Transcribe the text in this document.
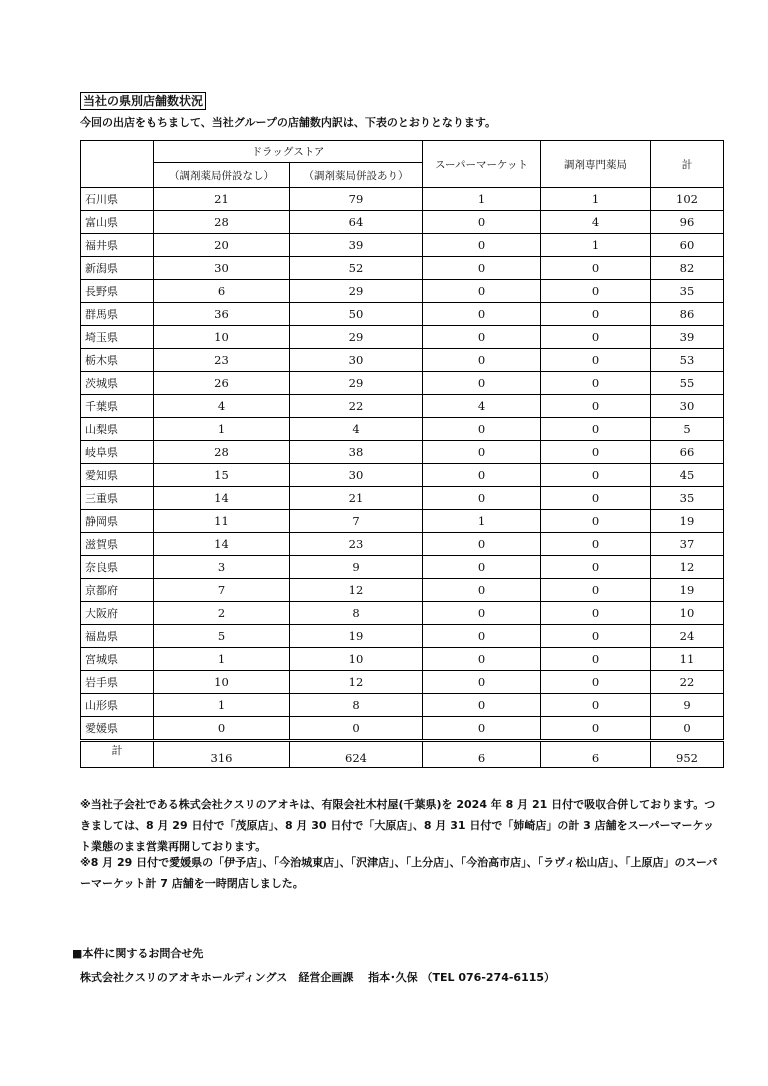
当社の県別店舗数状況
今回の出店をもちまして、当社グループの店舗数内訳は、下表のとおりとなります。
	ドラッグストア		スーパーマーケット	調剤専門薬局	計
	（調剤薬局併設なし）	（調剤薬局併設あり）			
石川県	21	79	1	1	102
富山県	28	64	0	4	96
福井県	20	39	0	1	60
新潟県	30	52	0	0	82
長野県	6	29	0	0	35
群馬県	36	50	0	0	86
埼玉県	10	29	0	0	39
栃木県	23	30	0	0	53
茨城県	26	29	0	0	55
千葉県	4	22	4	0	30
山梨県	1	4	0	0	5
岐阜県	28	38	0	0	66
愛知県	15	30	0	0	45
三重県	14	21	0	0	35
静岡県	11	7	1	0	19
滋賀県	14	23	0	0	37
奈良県	3	9	0	0	12
京都府	7	12	0	0	19
大阪府	2	8	0	0	10
福島県	5	19	0	0	24
宮城県	1	10	0	0	11
岩手県	10	12	0	0	22
山形県	1	8	0	0	9
愛媛県	0	0	0	0	0
計	316	624	6	6	952
※当社子会社である株式会社クスリのアオキは、有限会社木村屋(千葉県)を 2024 年 8 月 21 日付で吸収合併しております。つきましては、8 月 29 日付で「茂原店」、8 月 30 日付で「大原店」、8 月 31 日付で「姉崎店」の計 3 店舗をスーパーマーケット業態のまま営業再開しております。
※8 月 29 日付で愛媛県の「伊予店」、「今治城東店」、「沢津店」、「上分店」、「今治高市店」、「ラヴィ松山店」、「上原店」のスーパーマーケット計 7 店舗を一時閉店しました。
■本件に関するお問合せ先
株式会社クスリのアオキホールディングス　経営企画課　 指本･久保 （TEL 076-274-6115）
